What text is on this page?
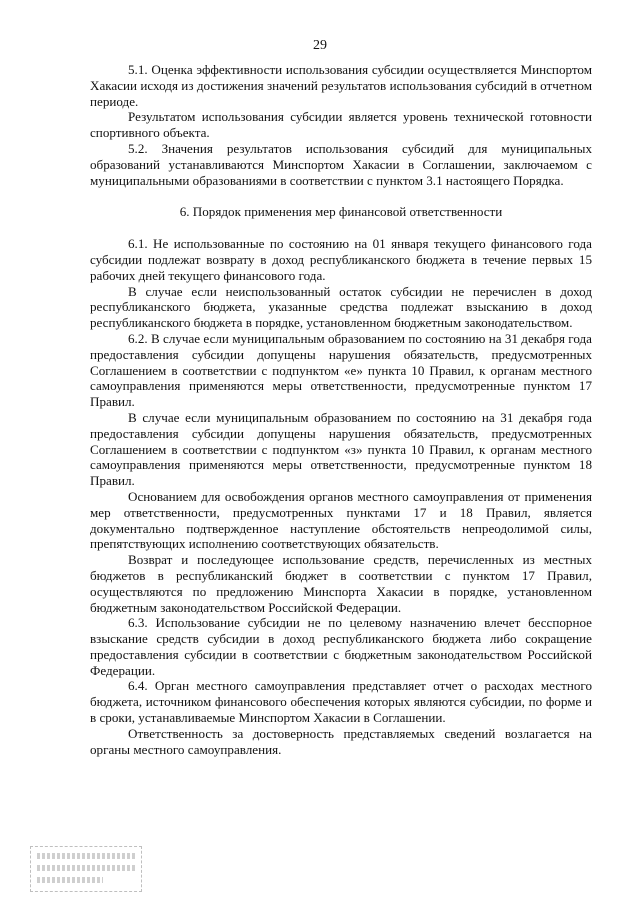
29

5.1. Оценка эффективности использования субсидии осуществляется Минспортом Хакасии исходя из достижения значений результатов использования субсидий в отчетном периоде.

Результатом использования субсидии является уровень технической готовности спортивного объекта.

5.2. Значения результатов использования субсидий для муниципальных образований устанавливаются Минспортом Хакасии в Соглашении, заключаемом с муниципальными образованиями в соответствии с пунктом 3.1 настоящего Порядка.

6. Порядок применения мер финансовой ответственности

6.1. Не использованные по состоянию на 01 января текущего финансового года субсидии подлежат возврату в доход республиканского бюджета в течение первых 15 рабочих дней текущего финансового года.

В случае если неиспользованный остаток субсидии не перечислен в доход республиканского бюджета, указанные средства подлежат взысканию в доход республиканского бюджета в порядке, установленном бюджетным законодательством.

6.2. В случае если муниципальным образованием по состоянию на 31 декабря года предоставления субсидии допущены нарушения обязательств, предусмотренных Соглашением в соответствии с подпунктом «е» пункта 10 Правил, к органам местного самоуправления применяются меры ответственности, предусмотренные пунктом 17 Правил.

В случае если муниципальным образованием по состоянию на 31 декабря года предоставления субсидии допущены нарушения обязательств, предусмотренных Соглашением в соответствии с подпунктом «з» пункта 10 Правил, к органам местного самоуправления применяются меры ответственности, предусмотренные пунктом 18 Правил.

Основанием для освобождения органов местного самоуправления от применения мер ответственности, предусмотренных пунктами 17 и 18 Правил, является документально подтвержденное наступление обстоятельств непреодолимой силы, препятствующих исполнению соответствующих обязательств.

Возврат и последующее использование средств, перечисленных из местных бюджетов в республиканский бюджет в соответствии с пунктом 17 Правил, осуществляются по предложению Минспорта Хакасии в порядке, установленном бюджетным законодательством Российской Федерации.

6.3. Использование субсидии не по целевому назначению влечет бесспорное взыскание средств субсидии в доход республиканского бюджета либо сокращение предоставления субсидии в соответствии с бюджетным законодательством Российской Федерации.

6.4. Орган местного самоуправления представляет отчет о расходах местного бюджета, источником финансового обеспечения которых являются субсидии, по форме и в сроки, устанавливаемые Минспортом Хакасии в Соглашении.

Ответственность за достоверность представляемых сведений возлагается на органы местного самоуправления.
